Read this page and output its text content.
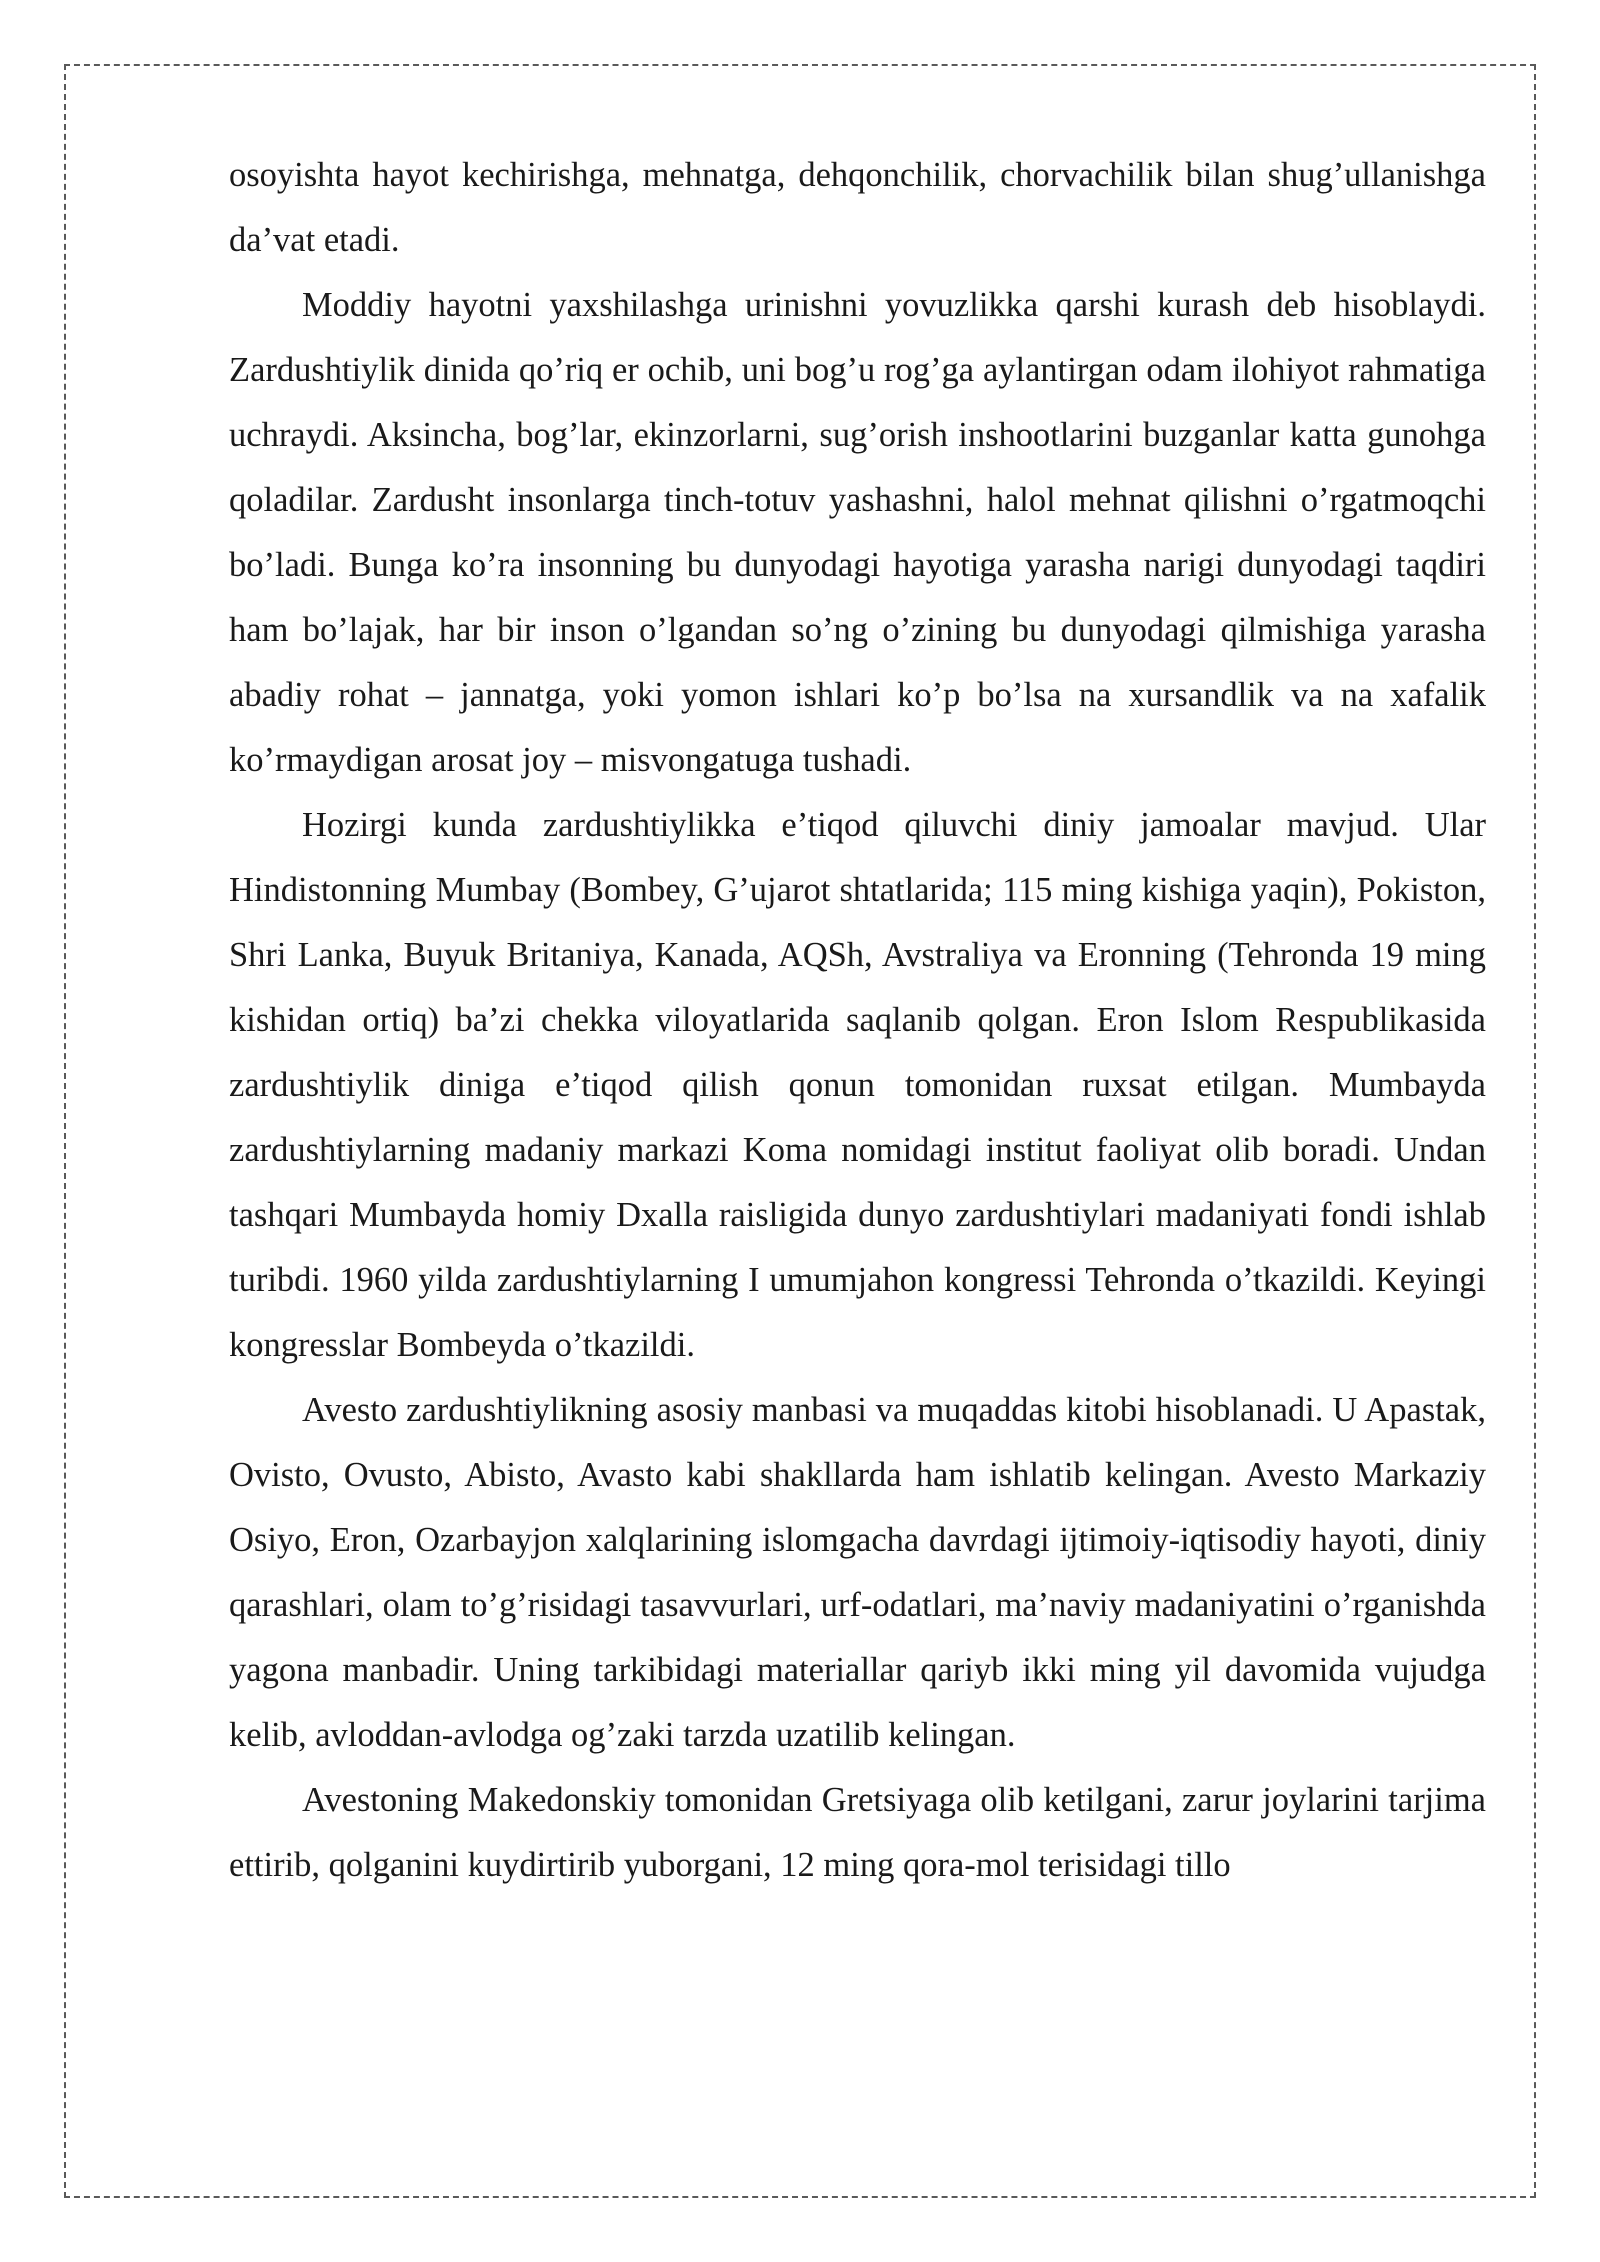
osoyishta hayot kechirishga, mehnatga, dehqonchilik, chorvachilik bilan shug’ullanishga da’vat etadi.

Moddiy hayotni yaxshilashga urinishni yovuzlikka qarshi kurash deb hisoblaydi. Zardushtiylik dinida qo’riq er ochib, uni bog’u rog’ga aylantirgan odam ilohiyot rahmatiga uchraydi. Aksincha, bog’lar, ekinzorlarni, sug’orish inshootlarini buzganlar katta gunohga qoladilar. Zardusht insonlarga tinch-totuv yashashni, halol mehnat qilishni o’rgatmoqchi bo’ladi. Bunga ko’ra insonning bu dunyodagi hayotiga yarasha narigi dunyodagi taqdiri ham bo’lajak, har bir inson o’lgandan so’ng o’zining bu dunyodagi qilmishiga yarasha abadiy rohat – jannatga, yoki yomon ishlari ko’p bo’lsa na xursandlik va na xafalik ko’rmaydigan arosat joy – misvongatuga tushadi.

Hozirgi kunda zardushtiylikka e’tiqod qiluvchi diniy jamoalar mavjud. Ular Hindistonning Mumbay (Bombey, G’ujarot shtatlarida; 115 ming kishiga yaqin), Pokiston, Shri Lanka, Buyuk Britaniya, Kanada, AQSh, Avstraliya va Eronning (Tehronda 19 ming kishidan ortiq) ba’zi chekka viloyatlarida saqlanib qolgan. Eron Islom Respublikasida zardushtiylik diniga e’tiqod qilish qonun tomonidan ruxsat etilgan. Mumbayda zardushtiylarning madaniy markazi Koma nomidagi institut faoliyat olib boradi. Undan tashqari Mumbayda homiy Dxalla raisligida dunyo zardushtiylari madaniyati fondi ishlab turibdi. 1960 yilda zardushtiylarning I umumjahon kongressi Tehronda o’tkazildi. Keyingi kongresslar Bombeyda o’tkazildi.

Avesto zardushtiylikning asosiy manbasi va muqaddas kitobi hisoblanadi. U Apastak, Ovisto, Ovusto, Abisto, Avasto kabi shakllarda ham ishlatib kelingan. Avesto Markaziy Osiyo, Eron, Ozarbayjon xalqlarining islomgacha davrdagi ijtimoiy-iqtisodiy hayoti, diniy qarashlari, olam to’g’risidagi tasavvurlari, urf-odatlari, ma’naviy madaniyatini o’rganishda yagona manbadir. Uning tarkibidagi materiallar qariyb ikki ming yil davomida vujudga kelib, avloddan-avlodga og’zaki tarzda uzatilib kelingan.

Avestoning Makedonskiy tomonidan Gretsiyaga olib ketilgani, zarur joylarini tarjima ettirib, qolganini kuydirtirib yuborgani, 12 ming qora-mol terisidagi tillo
